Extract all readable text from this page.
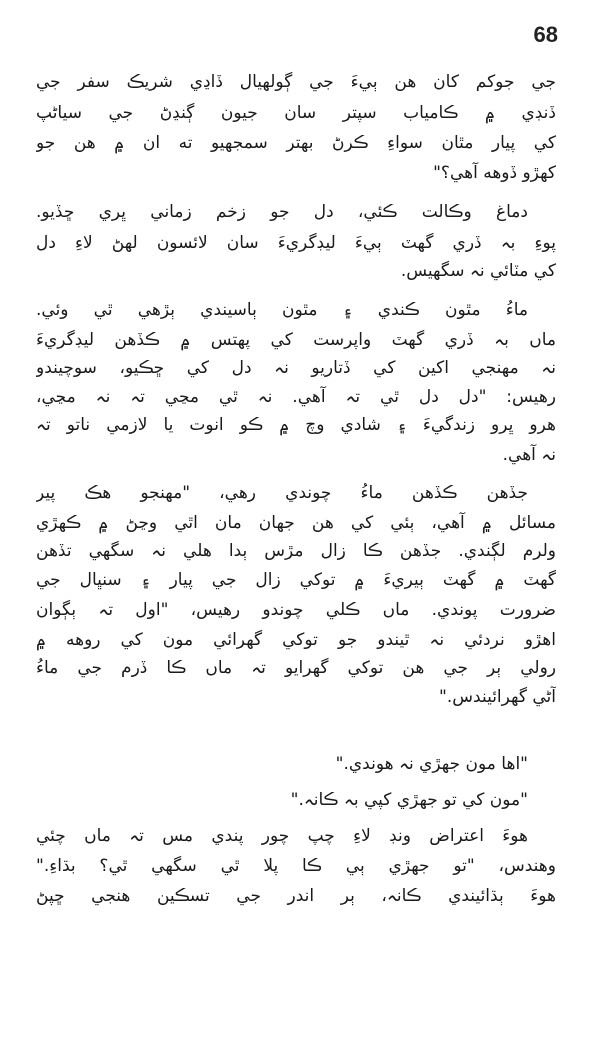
68
جي جوکم کان هن ٻيءَ جي ڳولهيال ڏاڍي شريڪ سفر جي
ڏنڊي ۾ ڪامياب سپتر سان جيون ڳنڍڻ جي سياڻپ
کي پيار مٿان سواءِ ڪرڻ بهتر سمجهيو ته ان ۾ هن جو
کهڙو ڏوهه آهي؟"
دماغ وڪالت ڪئي، دل جو زخم زماني ڀري ڇڏيو.
پوءِ بہ ڏري گهٽ ٻيءَ ليڊگريءَ سان لائسون لهڻ لاءِ دل
کي مٽائي نہ سگهيس.
ماءُ مٿون ڪندي ۽ مٿون ٻاسيندي ٻڙهي ٿي وئي.
ماں بہ ڏري گهٽ واپرست کي پهتس ۾ ڪڏهن ليڊگريءَ
نہ مهنجي اکين کي ڏتاريو نہ دل کي ڇڪيو، سوچيندو
رهيس: "دل دل ٿي تہ آهي. نہ ٿي مڃي تہ نہ مڃي،
هرو ڀرو زندگيءَ ۽ شادي وچ ۾ ڪو انوت يا لازمي ناتو تہ
نہ آهي.
جڏهن ڪڏهن ماءُ چوندي رهي، "مهنجو هڪ پير
مسائل ۾ آهي، ٻئي کي هن جهان مان اٿي وڃڻ ۾ ڪهڙي
ولرم لڳندي. جڏهن ڪا زال مڙس ٻدا هلي نہ سگهي تڏهن
گهٽ ۾ گهٽ ٻيريءَ ۾ توکي زال جي پيار ۽ سنڀال جي
ضرورت پوندي. ماں ڪلي چوندو رهيس، "اول تہ ٻڳوان
اهڙو نردئي نہ ٿيندو جو توکي گهرائي مون کي روهه ۾
رولي ٻر جي هن توکي گهرايو تہ ماں ڪا ڏرم جي ماءُ
آڻي گهرائيندس."
"اها مون جهڙي نہ هوندي."
"مون کي تو جهڙي کپي بہ ڪانہ."
هوءَ اعتراض ونڊ لاءِ چپ چور پندي مس تہ ماں چئي
وهندس، "تو جهڙي ٻي ڪا پلا ٿي سگهي ٿي؟ بڌاءِ."
هوءَ ٻڌائيندي ڪانہ، ٻر اندر جي تسڪين هنجي ڇپڻ
